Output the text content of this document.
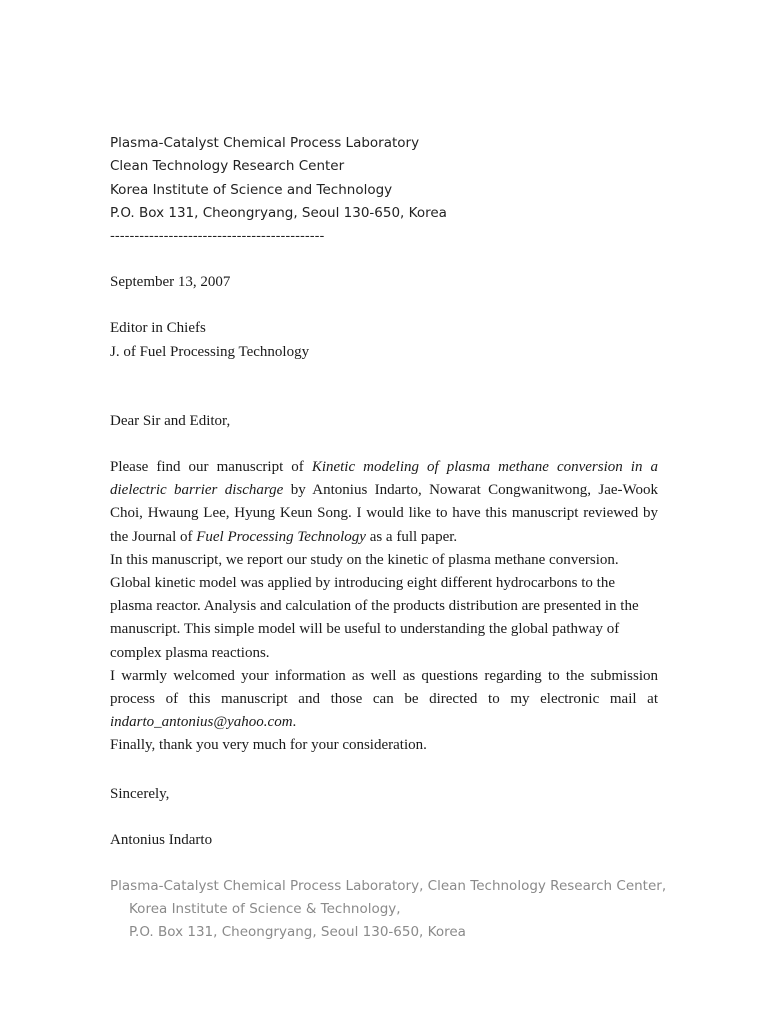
Plasma-Catalyst Chemical Process Laboratory
Clean Technology Research Center
Korea Institute of Science and Technology
P.O. Box 131, Cheongryang, Seoul 130-650, Korea
--------------------------------------------
September 13, 2007
Editor in Chiefs
J. of Fuel Processing Technology
Dear Sir and Editor,

Please find our manuscript of Kinetic modeling of plasma methane conversion in a dielectric barrier discharge by Antonius Indarto, Nowarat Congwanitwong, Jae-Wook Choi, Hwaung Lee, Hyung Keun Song. I would like to have this manuscript reviewed by the Journal of Fuel Processing Technology as a full paper.

In this manuscript, we report our study on the kinetic of plasma methane conversion. Global kinetic model was applied by introducing eight different hydrocarbons to the plasma reactor. Analysis and calculation of the products distribution are presented in the manuscript. This simple model will be useful to understanding the global pathway of complex plasma reactions.

I warmly welcomed your information as well as questions regarding to the submission process of this manuscript and those can be directed to my electronic mail at indarto_antonius@yahoo.com.

Finally, thank you very much for your consideration.

Sincerely,
Antonius Indarto
Plasma-Catalyst Chemical Process Laboratory, Clean Technology Research Center,
Korea Institute of Science & Technology,
P.O. Box 131, Cheongryang, Seoul 130-650, Korea
